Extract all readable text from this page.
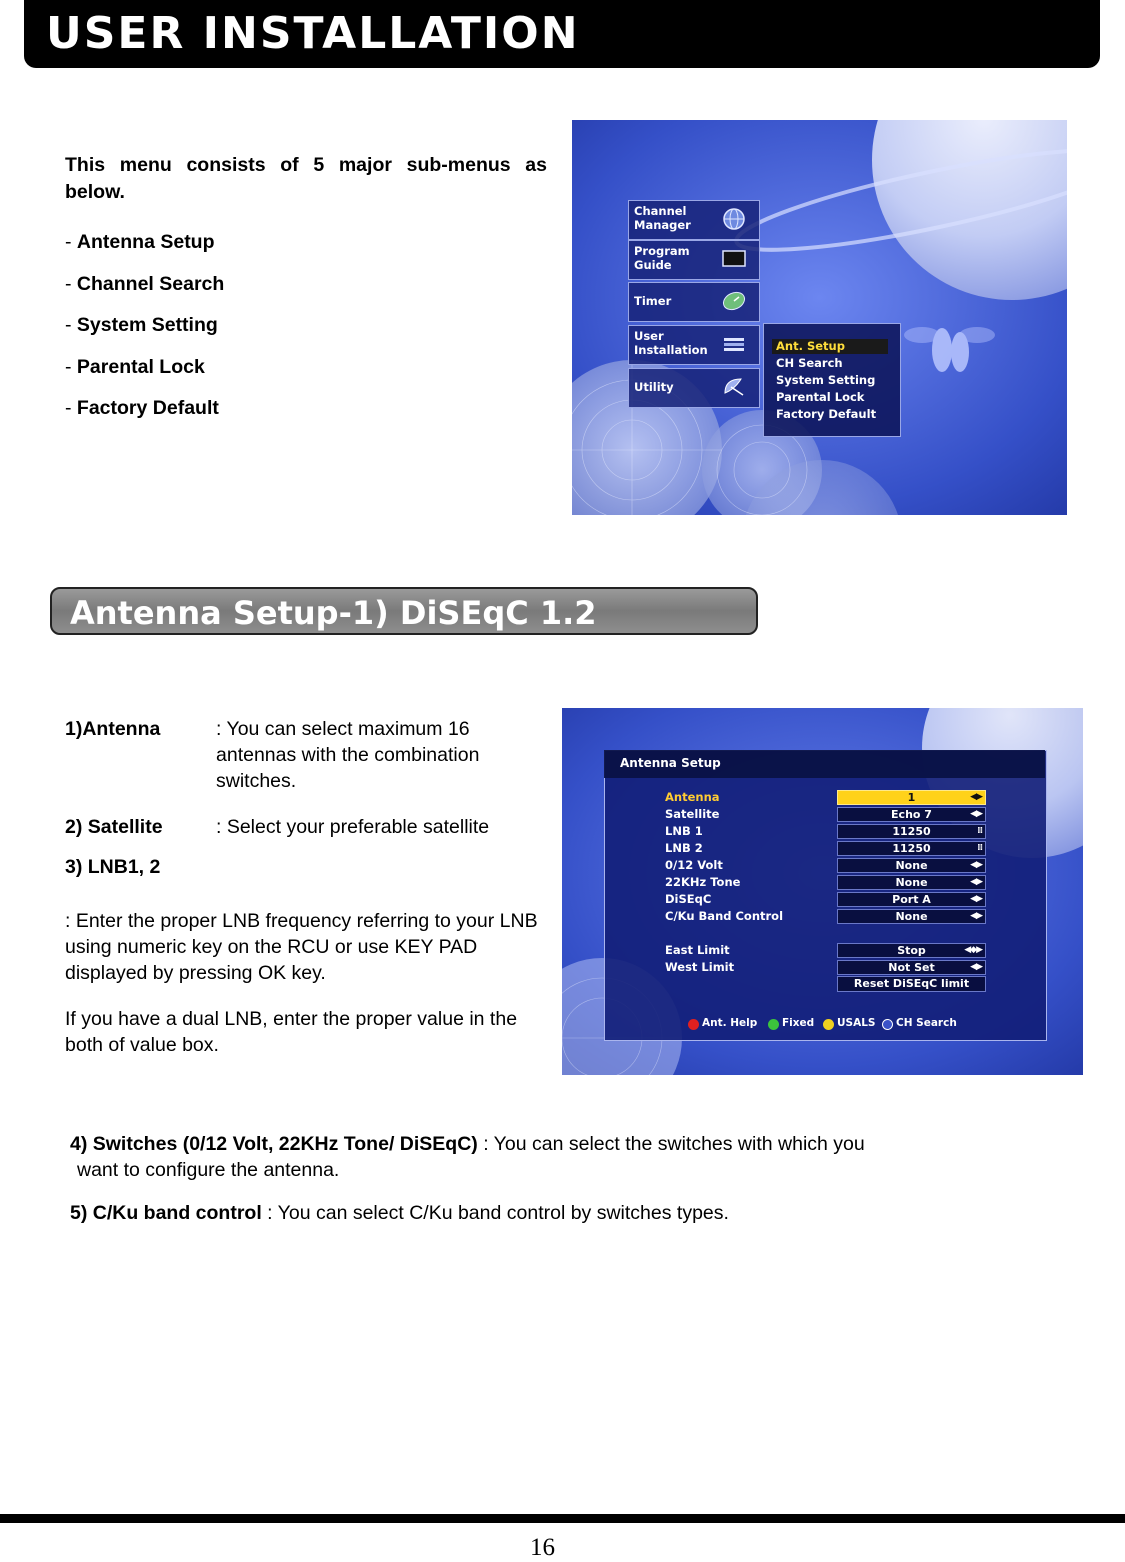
USER INSTALLATION
This menu consists of 5 major sub-menus as below.
- Antenna Setup
- Channel Search
- System Setting
- Parental Lock
- Factory Default
Channel
Manager
Program
Guide
Timer
User
Installation
Utility
Ant. Setup
CH Search
System Setting
Parental Lock
Factory Default
Antenna Setup-1) DiSEqC 1.2
1)Antenna	: You can select maximum 16 antennas with the combination switches.
2) Satellite	: Select your preferable satellite
3) LNB1, 2
: Enter the proper LNB frequency referring to your LNB using numeric key on the RCU or use KEY PAD displayed by pressing OK key.
If you have a dual LNB, enter the proper value in the both of value box.
4) Switches (0/12 Volt, 22KHz Tone/ DiSEqC) : You can select the switches with which you
want to configure the antenna.
5) C/Ku band control : You can select C/Ku band control by switches types.
Antenna Setup
Antenna	1	◀▶
Satellite	Echo 7	◀▶
LNB 1	11250	⁞⁞
LNB 2	11250	⁞⁞
0/12 Volt	None	◀▶
22KHz Tone	None	◀▶
DiSEqC	Port A	◀▶
C/Ku Band Control	None	◀▶
East Limit	Stop	◀◆▶
West Limit	Not Set	◀▶
Reset DiSEqC limit
Ant. Help Fixed USALS CH Search
16
